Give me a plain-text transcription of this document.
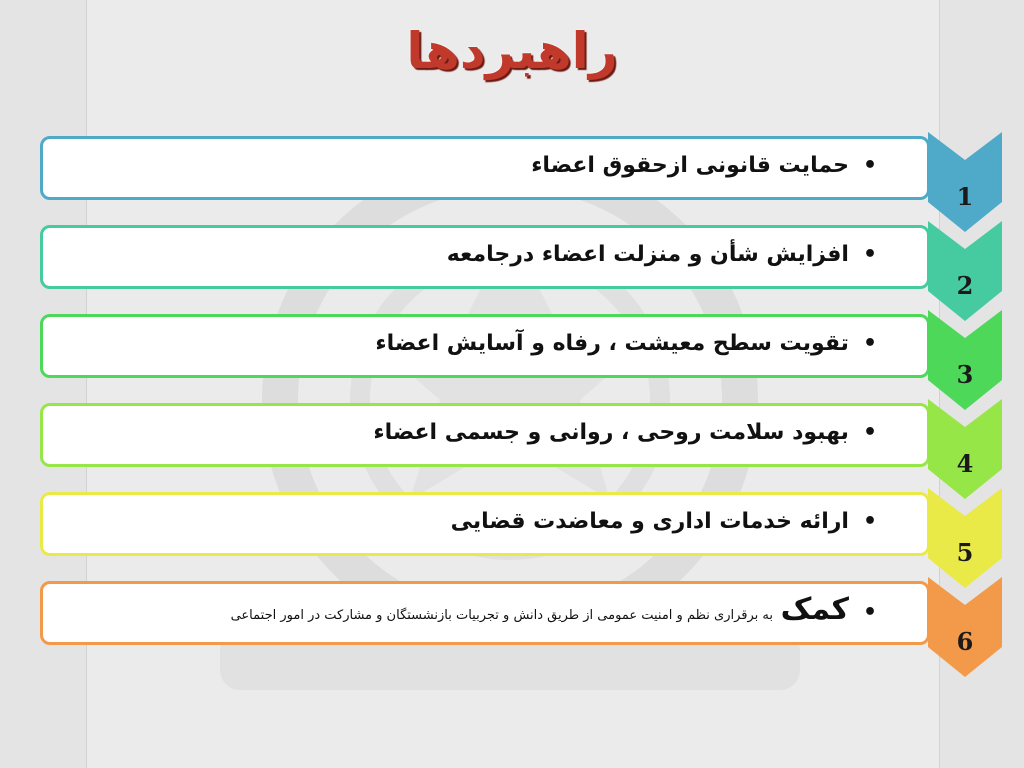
راهبردها
•حمایت قانونی ازحقوق اعضاء
1
•افزایش شأن و منزلت اعضاء درجامعه
2
•تقویت سطح معیشت ، رفاه و آسایش اعضاء
3
•بهبود سلامت روحی ، روانی و جسمی اعضاء
4
•ارائه خدمات اداری و معاضدت قضایی
5
•کمک به برقراری نظم و امنیت عمومی از طریق دانش و تجربیات بازنشستگان و مشارکت در امور اجتماعی
6
